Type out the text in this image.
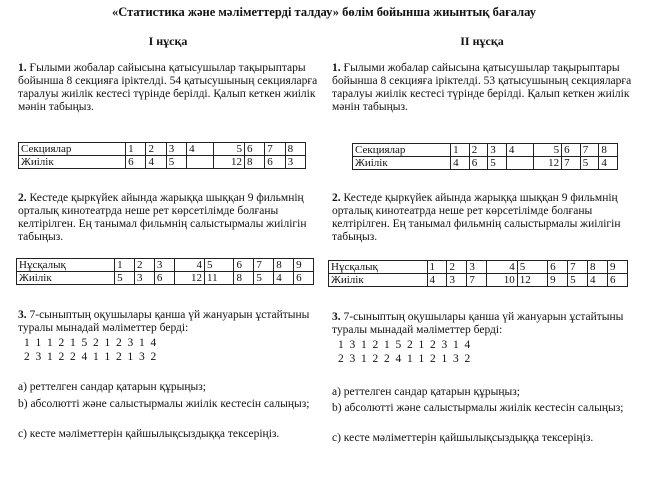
«Статистика және мәліметтерді талдау» бөлім бойынша жиынтық бағалау
І нұсқа
1. Ғылыми жобалар сайысына қатысушылар тақырыптары бойынша 8 секцияға іріктелді. 54 қатысушының секцияларға таралуы жиілік кестесі түрінде берілді. Қалып кеткен жиілік мәнін табыңыз.
Секциялар	1	2	3	4	5	6	7	8
Жиілік	6	4	5		12	8	6	3
2. Кестеде қыркүйек айында жарыққа шыққан 9 фильмнің орталық кинотеатрда неше рет көрсетілімде болғаны келтірілген. Ең танымал фильмнің салыстырмалы жиілігін табыңыз.
Нұсқалық	1	2	3	4	5	6	7	8	9
Жиілік	5	3	6	12	11	8	5	4	6
3. 7-сыныптың оқушылары қанша үй жануарын ұстайтыны туралы мынадай мәліметтер берді:
1  1  1  2  1  5  2  1  2  3  1  4
2  3  1  2  2  4  1  1  2  1  3  2
a) реттелген сандар қатарын құрыңыз;
b) абсолютті және салыстырмалы жиілік кестесін салыңыз;
c) кесте мәліметтерін қайшылықсыздыққа тексеріңіз.
ІІ нұсқа
1. Ғылыми жобалар сайысына қатысушылар тақырыптары бойынша 8 секцияға іріктелді. 53 қатысушының секцияларға таралуы жиілік кестесі түрінде берілді. Қалып кеткен жиілік мәнін табыңыз.
Секциялар	1	2	3	4	5	6	7	8
Жиілік	4	6	5		12	7	5	4
2. Кестеде қыркүйек айында жарыққа шыққан 9 фильмнің орталық кинотеатрда неше рет көрсетілімде болғаны келтірілген. Ең танымал фильмнің салыстырмалы жиілігін табыңыз.
Нұсқалық	1	2	3	4	5	6	7	8	9
Жиілік	4	3	7	10	12	9	5	4	6
3. 7-сыныптың оқушылары қанша үй жануарын ұстайтыны туралы мынадай мәліметтер берді:
1  3  1  2  1  5  2  1  2  3  1  4
2  3  1  2  2  4  1  1  2  1  3  2
a) реттелген сандар қатарын құрыңыз;
b) абсолютті және салыстырмалы жиілік кестесін салыңыз;
c) кесте мәліметтерін қайшылықсыздыққа тексеріңіз.
